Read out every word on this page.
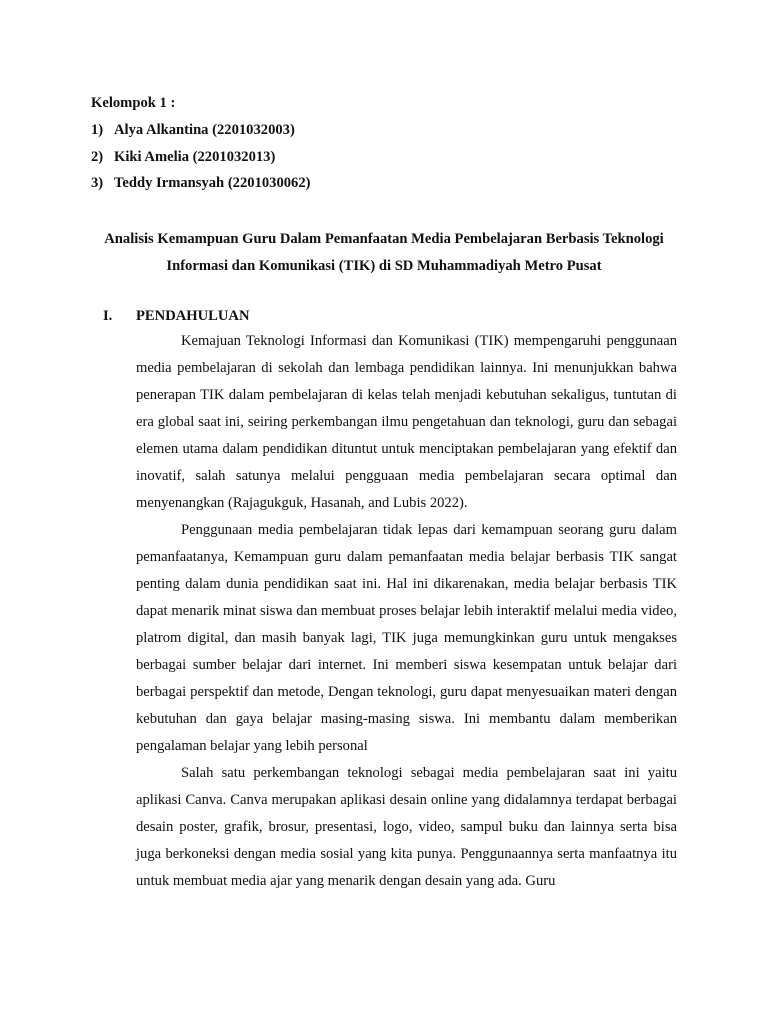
Kelompok 1 :
1) Alya Alkantina (2201032003)
2) Kiki Amelia (2201032013)
3) Teddy Irmansyah (2201030062)
Analisis Kemampuan Guru Dalam Pemanfaatan Media Pembelajaran Berbasis Teknologi
Informasi dan Komunikasi (TIK) di SD Muhammadiyah Metro Pusat
I. PENDAHULUAN

Kemajuan Teknologi Informasi dan Komunikasi (TIK) mempengaruhi penggunaan media pembelajaran di sekolah dan lembaga pendidikan lainnya. Ini menunjukkan bahwa penerapan TIK dalam pembelajaran di kelas telah menjadi kebutuhan sekaligus, tuntutan di era global saat ini, seiring perkembangan ilmu pengetahuan dan teknologi, guru dan sebagai elemen utama dalam pendidikan dituntut untuk menciptakan pembelajaran yang efektif dan inovatif, salah satunya melalui pengguaan media pembelajaran secara optimal dan menyenangkan (Rajagukguk, Hasanah, and Lubis 2022).

Penggunaan media pembelajaran tidak lepas dari kemampuan seorang guru dalam pemanfaatanya, Kemampuan guru dalam pemanfaatan media belajar berbasis TIK sangat penting dalam dunia pendidikan saat ini. Hal ini dikarenakan, media belajar berbasis TIK dapat menarik minat siswa dan membuat proses belajar lebih interaktif melalui media video, platrom digital, dan masih banyak lagi, TIK juga memungkinkan guru untuk mengakses berbagai sumber belajar dari internet. Ini memberi siswa kesempatan untuk belajar dari berbagai perspektif dan metode, Dengan teknologi, guru dapat menyesuaikan materi dengan kebutuhan dan gaya belajar masing-masing siswa. Ini membantu dalam memberikan pengalaman belajar yang lebih personal

Salah satu perkembangan teknologi sebagai media pembelajaran saat ini yaitu aplikasi Canva. Canva merupakan aplikasi desain online yang didalamnya terdapat berbagai desain poster, grafik, brosur, presentasi, logo, video, sampul buku dan lainnya serta bisa juga berkoneksi dengan media sosial yang kita punya. Penggunaannya serta manfaatnya itu untuk membuat media ajar yang menarik dengan desain yang ada. Guru
